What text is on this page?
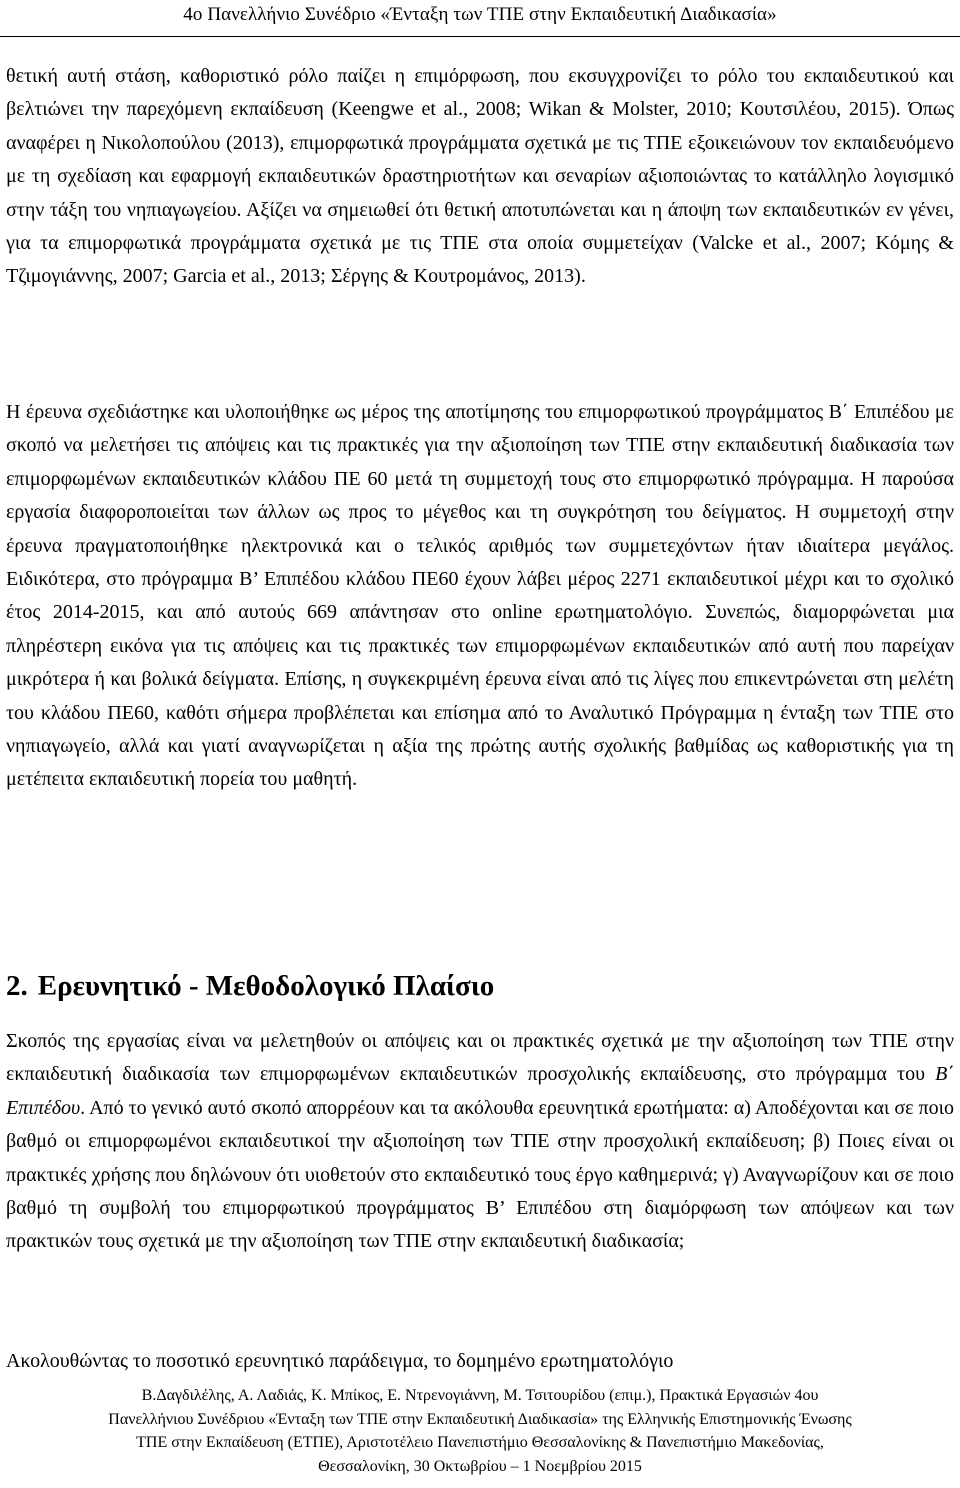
4ο Πανελλήνιο Συνέδριο «Ένταξη των ΤΠΕ στην Εκπαιδευτική Διαδικασία»

θετική αυτή στάση, καθοριστικό ρόλο παίζει η επιμόρφωση, που εκσυγχρονίζει το ρόλο του εκπαιδευτικού και βελτιώνει την παρεχόμενη εκπαίδευση (Keengwe et al., 2008; Wikan & Molster, 2010; Κουτσιλέου, 2015). Όπως αναφέρει η Νικολοπούλου (2013), επιμορφωτικά προγράμματα σχετικά με τις ΤΠΕ εξοικειώνουν τον εκπαιδευόμενο με τη σχεδίαση και εφαρμογή εκπαιδευτικών δραστηριοτήτων και σεναρίων αξιοποιώντας το κατάλληλο λογισμικό στην τάξη του νηπιαγωγείου. Αξίζει να σημειωθεί ότι θετική αποτυπώνεται και η άποψη των εκπαιδευτικών εν γένει, για τα επιμορφωτικά προγράμματα σχετικά με τις ΤΠΕ στα οποία συμμετείχαν (Valcke et al., 2007; Κόμης & Τζιμογιάννης, 2007; Garcia et al., 2013; Σέργης & Κουτρομάνος, 2013).

Η έρευνα σχεδιάστηκε και υλοποιήθηκε ως μέρος της αποτίμησης του επιμορφωτικού προγράμματος Β΄ Επιπέδου με σκοπό να μελετήσει τις απόψεις και τις πρακτικές για την αξιοποίηση των ΤΠΕ στην εκπαιδευτική διαδικασία των επιμορφωμένων εκπαιδευτικών κλάδου ΠΕ 60 μετά τη συμμετοχή τους στο επιμορφωτικό πρόγραμμα. Η παρούσα εργασία διαφοροποιείται των άλλων ως προς το μέγεθος και τη συγκρότηση του δείγματος. Η συμμετοχή στην έρευνα πραγματοποιήθηκε ηλεκτρονικά και ο τελικός αριθμός των συμμετεχόντων ήταν ιδιαίτερα μεγάλος. Ειδικότερα, στο πρόγραμμα Β’ Επιπέδου κλάδου ΠΕ60 έχουν λάβει μέρος 2271 εκπαιδευτικοί μέχρι και το σχολικό έτος 2014-2015, και από αυτούς 669 απάντησαν στο online ερωτηματολόγιο. Συνεπώς, διαμορφώνεται μια πληρέστερη εικόνα για τις απόψεις και τις πρακτικές των επιμορφωμένων εκπαιδευτικών από αυτή που παρείχαν μικρότερα ή και βολικά δείγματα. Επίσης, η συγκεκριμένη έρευνα είναι από τις λίγες που επικεντρώνεται στη μελέτη του κλάδου ΠΕ60, καθότι σήμερα προβλέπεται και επίσημα από το Αναλυτικό Πρόγραμμα η ένταξη των ΤΠΕ στο νηπιαγωγείο, αλλά και γιατί αναγνωρίζεται η αξία της πρώτης αυτής σχολικής βαθμίδας ως καθοριστικής για τη μετέπειτα εκπαιδευτική πορεία του μαθητή.

2. Ερευνητικό - Μεθοδολογικό Πλαίσιο

Σκοπός της εργασίας είναι να μελετηθούν οι απόψεις και οι πρακτικές σχετικά με την αξιοποίηση των ΤΠΕ στην εκπαιδευτική διαδικασία των επιμορφωμένων εκπαιδευτικών προσχολικής εκπαίδευσης, στο πρόγραμμα του Β΄ Επιπέδου. Από το γενικό αυτό σκοπό απορρέουν και τα ακόλουθα ερευνητικά ερωτήματα: α) Αποδέχονται και σε ποιο βαθμό οι επιμορφωμένοι εκπαιδευτικοί την αξιοποίηση των ΤΠΕ στην προσχολική εκπαίδευση; β) Ποιες είναι οι πρακτικές χρήσης που δηλώνουν ότι υιοθετούν στο εκπαιδευτικό τους έργο καθημερινά; γ) Αναγνωρίζουν και σε ποιο βαθμό τη συμβολή του επιμορφωτικού προγράμματος Β’ Επιπέδου στη διαμόρφωση των απόψεων και των πρακτικών τους σχετικά με την αξιοποίηση των ΤΠΕ στην εκπαιδευτική διαδικασία;

Ακολουθώντας το ποσοτικό ερευνητικό παράδειγμα, το δομημένο ερωτηματολόγιο

Β.Δαγδιλέλης, Α. Λαδιάς, Κ. Μπίκος, Ε. Ντρενογιάννη, Μ. Τσιτουρίδου (επιμ.), Πρακτικά Εργασιών 4ου
Πανελλήνιου Συνέδριου «Ένταξη των ΤΠΕ στην Εκπαιδευτική Διαδικασία» της Ελληνικής Επιστημονικής Ένωσης
ΤΠΕ στην Εκπαίδευση (ΕΤΠΕ), Αριστοτέλειο Πανεπιστήμιο Θεσσαλονίκης & Πανεπιστήμιο Μακεδονίας,
Θεσσαλονίκη, 30 Οκτωβρίου – 1 Νοεμβρίου 2015
